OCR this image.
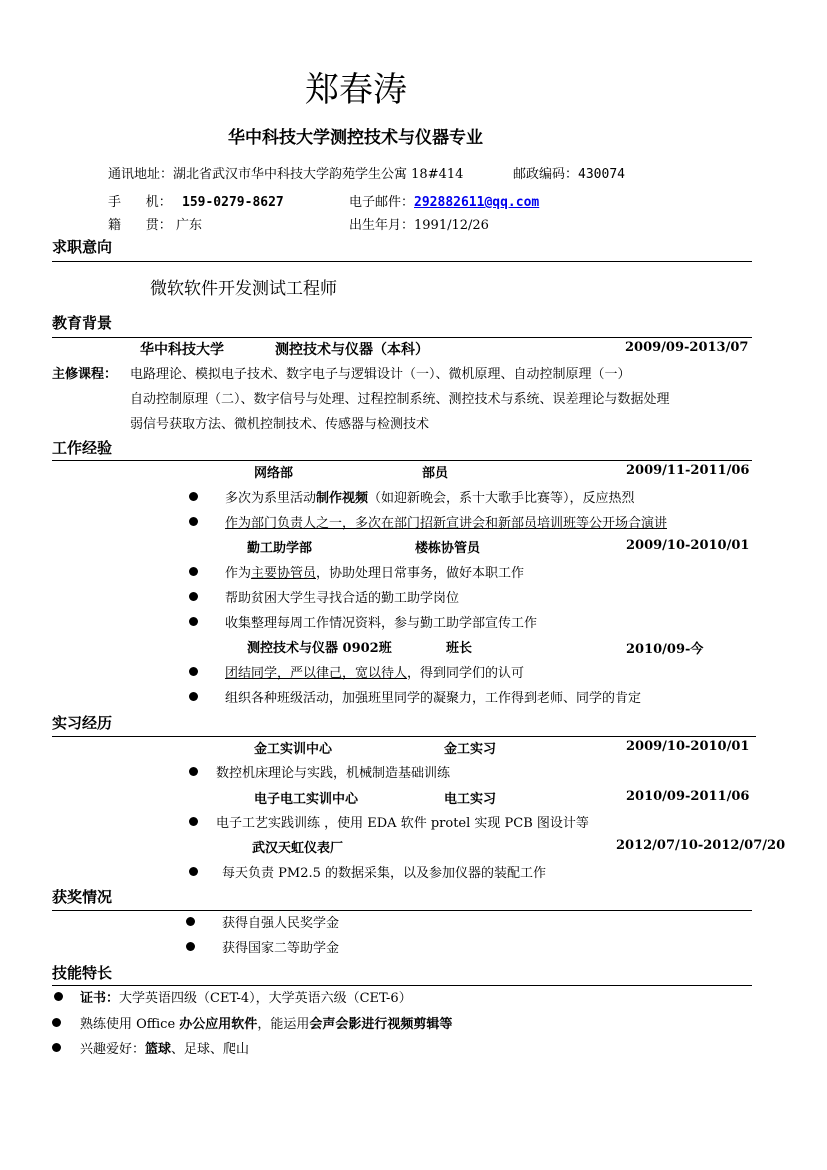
郑春涛
华中科技大学测控技术与仪器专业
通讯地址：湖北省武汉市华中科技大学韵苑学生公寓 18#414	邮政编码：430074
手      机： 159-0279-8627	电子邮件：292882611@qq.com
籍      贯： 广东	出生年月：1991/12/26
求职意向
微软软件开发测试工程师
教育背景
华中科技大学	测控技术与仪器（本科）	2009/09-2013/07
主修课程： 电路理论、模拟电子技术、数字电子与逻辑设计（一）、微机原理、自动控制原理（一）
自动控制原理（二）、数字信号与处理、过程控制系统、测控技术与系统、误差理论与数据处理
弱信号获取方法、微机控制技术、传感器与检测技术
工作经验
网络部	部员	2009/11-2011/06
多次为系里活动制作视频（如迎新晚会，系十大歌手比赛等），反应热烈
作为部门负责人之一，多次在部门招新宣讲会和新部员培训班等公开场合演讲
勤工助学部	楼栋协管员	2009/10-2010/01
作为主要协管员，协助处理日常事务，做好本职工作
帮助贫困大学生寻找合适的勤工助学岗位
收集整理每周工作情况资料，参与勤工助学部宣传工作
测控技术与仪器 0902班	班长	2010/09-今
团结同学，严以律己，宽以待人，得到同学们的认可
组织各种班级活动，加强班里同学的凝聚力，工作得到老师、同学的肯定
实习经历
金工实训中心	金工实习	2009/10-2010/01
数控机床理论与实践，机械制造基础训练
电子电工实训中心	电工实习	2010/09-2011/06
电子工艺实践训练 ，使用 EDA 软件 protel 实现 PCB 图设计等
武汉天虹仪表厂	2012/07/10-2012/07/20
每天负责 PM2.5 的数据采集，以及参加仪器的装配工作
获奖情况
获得自强人民奖学金
获得国家二等助学金
技能特长
证书：大学英语四级（CET-4），大学英语六级（CET-6）
熟练使用 Office 办公应用软件，能运用会声会影进行视频剪辑等
兴趣爱好：篮球、足球、爬山
